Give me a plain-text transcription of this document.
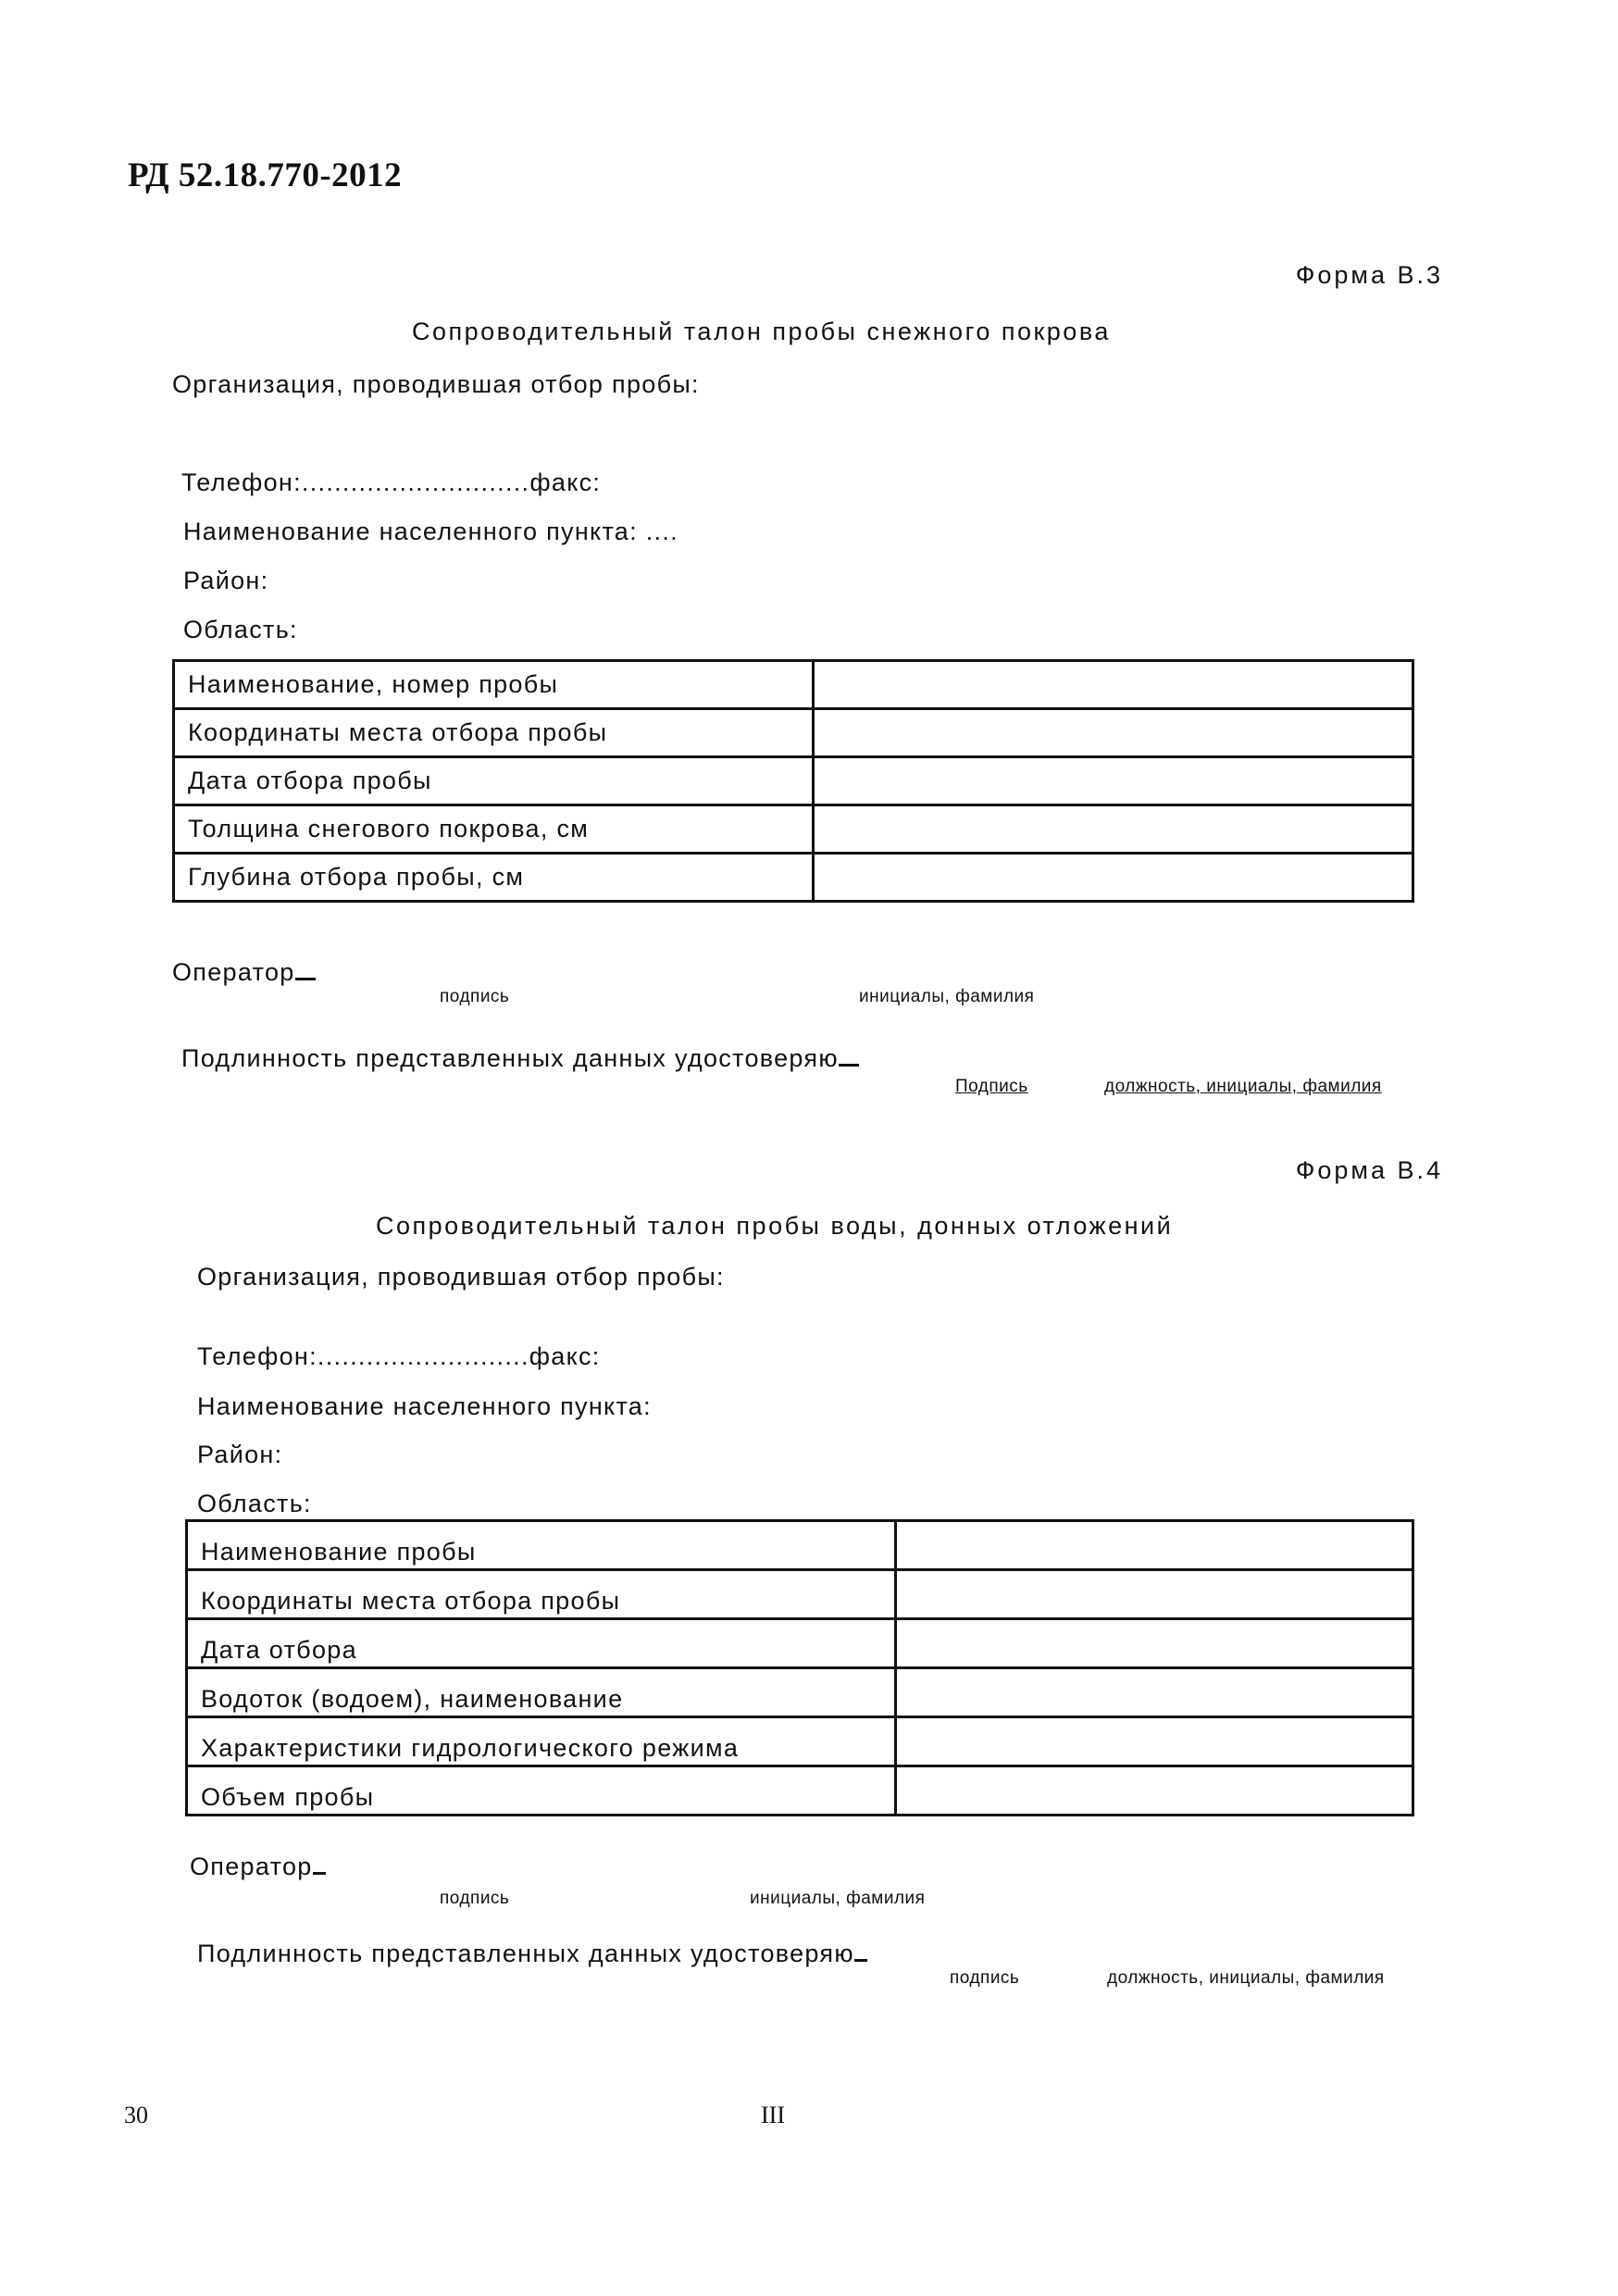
РД 52.18.770-2012
Форма В.3
Сопроводительный талон пробы снежного покрова
Организация, проводившая отбор пробы:
Телефон:............................факс:
Наименование населенного пункта: ....
Район:
Область:
Наименование, номер пробы	
Координаты места отбора пробы	
Дата отбора пробы	
Толщина снегового покрова, см	
Глубина отбора пробы, см	
Оператор
подпись	инициалы, фамилия
Подлинность представленных данных удостоверяю
Подпись	должность, инициалы, фамилия
Форма В.4
Сопроводительный талон пробы воды, донных отложений
Организация, проводившая отбор пробы:
Телефон:..........................факс:
Наименование населенного пункта:
Район:
Область:
Наименование пробы	
Координаты места отбора пробы	
Дата отбора	
Водоток (водоем), наименование	
Характеристики гидрологического режима	
Объем пробы	
Оператор
подпись	инициалы, фамилия
Подлинность представленных данных удостоверяю
подпись	должность, инициалы, фамилия
30	III
